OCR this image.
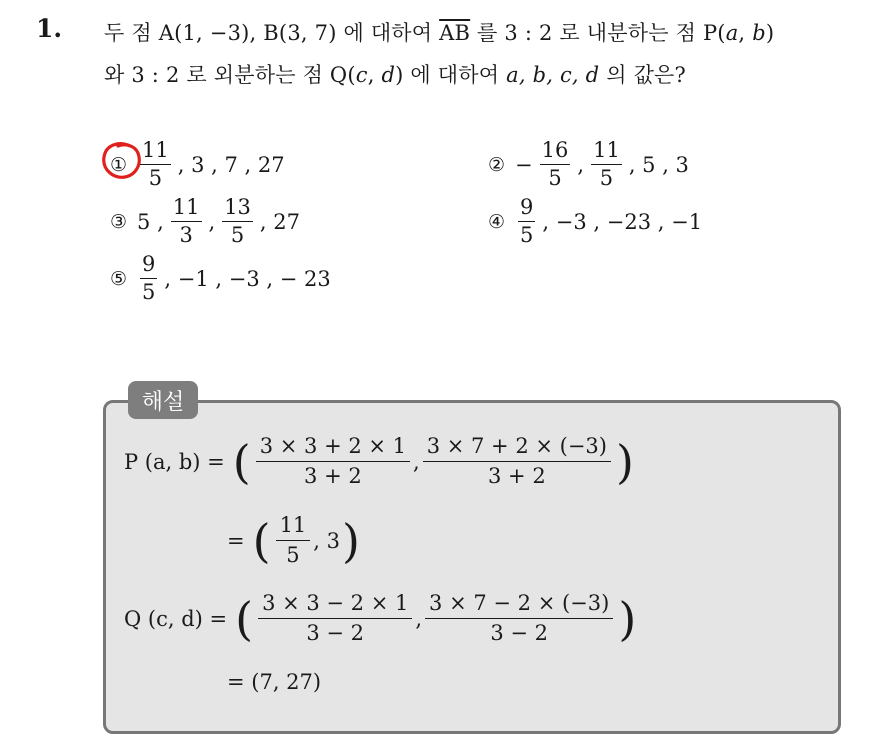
1. 두 점 A(1, −3), B(3, 7) 에 대하여 $\overline{AB}$ 를 3 : 2 로 내분하는 점 P(a, b)
와 3 : 2 로 외분하는 점 Q(c, d) 에 대하여 a, b, c, d 의 값은?
① $\frac{11}{5}$ , 3 , 7 , 27	② − $\frac{16}{5}$ , $\frac{11}{5}$ , 5 , 3
③ 5 , $\frac{11}{3}$ , $\frac{13}{5}$ , 27	④ $\frac{9}{5}$ , −3 , −23 , −1
⑤ $\frac{9}{5}$ , −1 , −3 , − 23
해설
P (a, b) = ( $\frac{3 \times 3 + 2 \times 1}{3 + 2}$ , $\frac{3 \times 7 + 2 \times (-3)}{3 + 2}$ )
= ( $\frac{11}{5}$ , 3 )
Q (c, d) = ( $\frac{3 \times 3 - 2 \times 1}{3 - 2}$ , $\frac{3 \times 7 - 2 \times (-3)}{3 - 2}$ )
= (7, 27)
